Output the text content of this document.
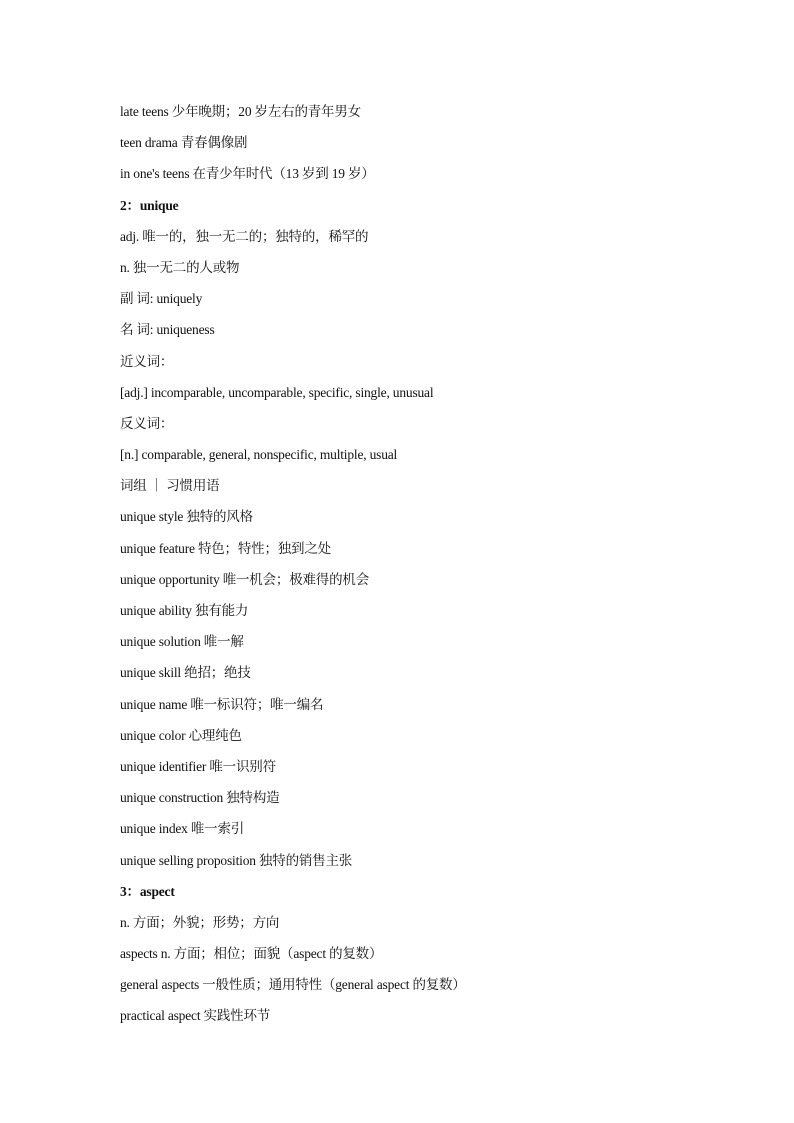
late teens 少年晚期；20 岁左右的青年男女
teen drama 青春偶像剧
in one's teens 在青少年时代（13 岁到 19 岁）
2：unique
adj. 唯一的，独一无二的；独特的，稀罕的
n. 独一无二的人或物
副 词: uniquely
名 词: uniqueness
近义词：
[adj.] incomparable, uncomparable, specific, single, unusual
反义词：
[n.] comparable, general, nonspecific, multiple, usual
词组 ｜ 习惯用语
unique style 独特的风格
unique feature 特色；特性；独到之处
unique opportunity 唯一机会；极难得的机会
unique ability 独有能力
unique solution 唯一解
unique skill 绝招；绝技
unique name 唯一标识符；唯一编名
unique color 心理纯色
unique identifier 唯一识别符
unique construction 独特构造
unique index 唯一索引
unique selling proposition 独特的销售主张
3：aspect
n. 方面；外貌；形势；方向
aspects n. 方面；相位；面貌（aspect 的复数）
general aspects 一般性质；通用特性（general aspect 的复数）
practical aspect 实践性环节
